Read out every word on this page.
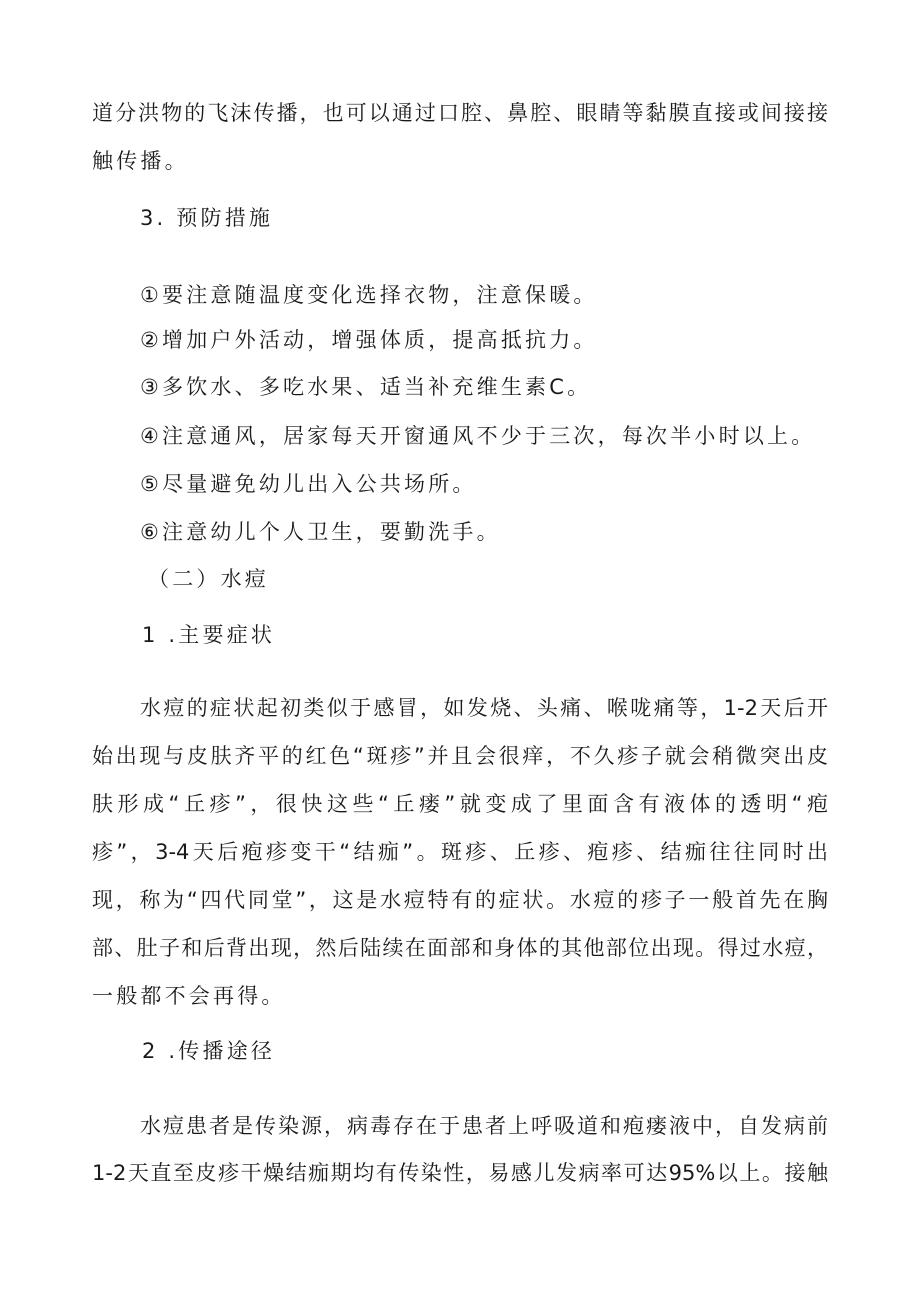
道分洪物的飞沫传播，也可以通过口腔、鼻腔、眼睛等黏膜直接或间接接
触传播。
3. 预防措施
①要注意随温度变化选择衣物，注意保暖。
②增加户外活动，增强体质，提高抵抗力。
③多饮水、多吃水果、适当补充维生素C。
④注意通风，居家每天开窗通风不少于三次，每次半小时以上。
⑤尽量避免幼儿出入公共场所。
⑥注意幼儿个人卫生，要勤洗手。
（二）水痘
1 .主要症状
水痘的症状起初类似于感冒，如发烧、头痛、喉咙痛等，1-2天后开
始出现与皮肤齐平的红色“斑疹”并且会很痒，不久疹子就会稍微突出皮
肤形成“丘疹”，很快这些“丘瘘”就变成了里面含有液体的透明“疱
疹”，3-4天后疱疹变干“结痂”。斑疹、丘疹、疱疹、结痂往往同时出
现，称为“四代同堂”，这是水痘特有的症状。水痘的疹子一般首先在胸
部、肚子和后背出现，然后陆续在面部和身体的其他部位出现。得过水痘，
一般都不会再得。
2 .传播途径
水痘患者是传染源，病毒存在于患者上呼吸道和疱瘘液中，自发病前
1-2天直至皮疹干燥结痂期均有传染性，易感儿发病率可达95%以上。接触
